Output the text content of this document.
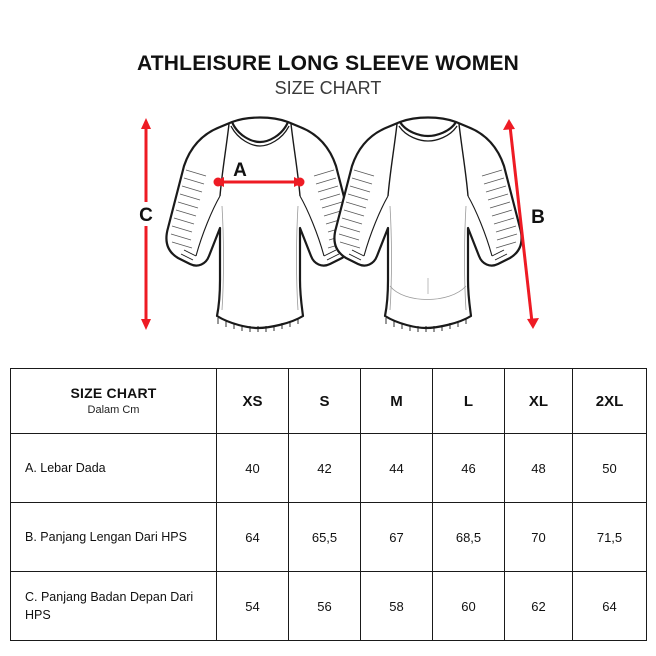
ATHLEISURE LONG SLEEVE WOMEN
SIZE CHART
A
C	B
SIZE CHART
Dalam Cm	XS	S	M	L	XL	2XL
A. Lebar Dada	40	42	44	46	48	50
B. Panjang Lengan Dari HPS	64	65,5	67	68,5	70	71,5
C. Panjang Badan Depan Dari HPS	54	56	58	60	62	64
